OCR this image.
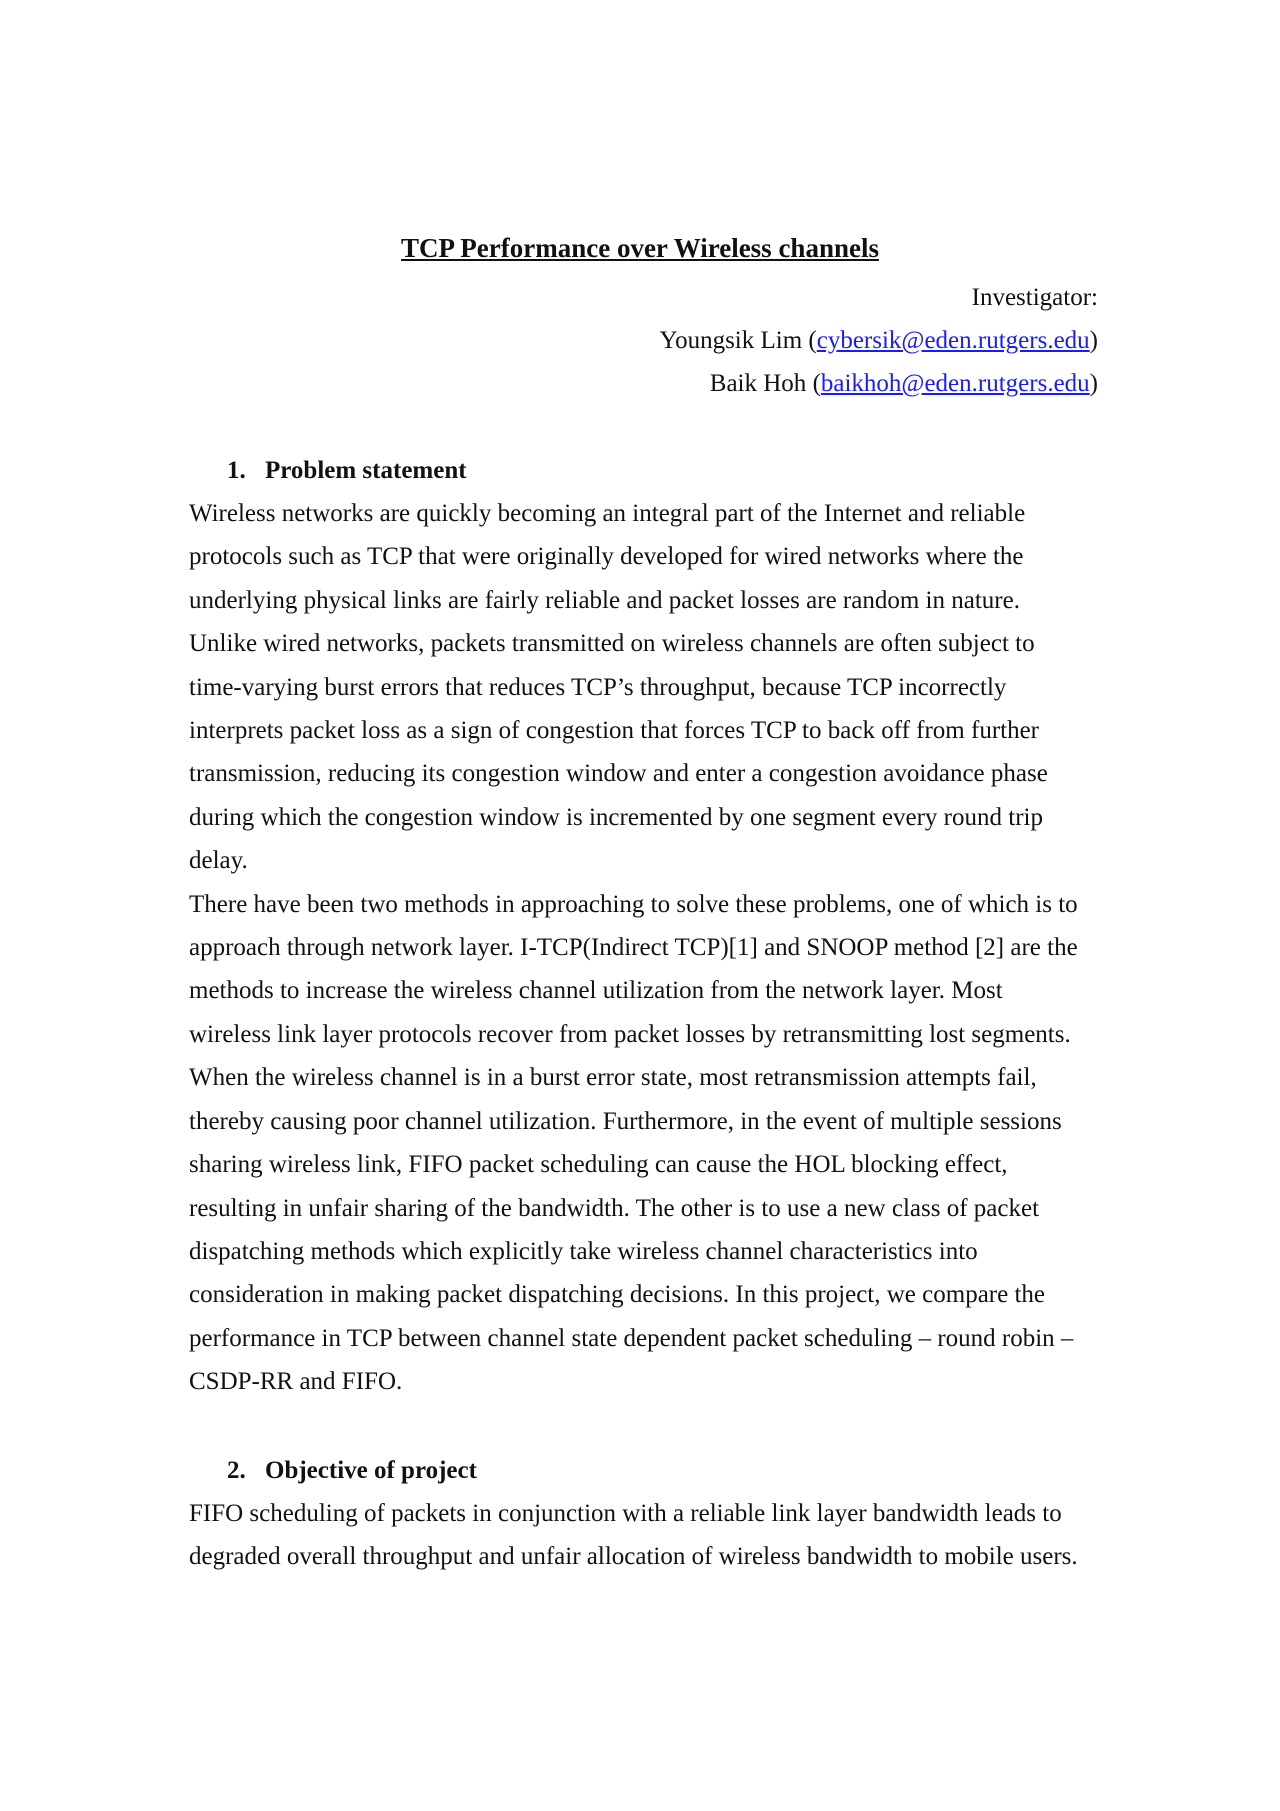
TCP Performance over Wireless channels
Investigator:
Youngsik Lim (cybersik@eden.rutgers.edu)
Baik Hoh (baikhoh@eden.rutgers.edu)
1. Problem statement
Wireless networks are quickly becoming an integral part of the Internet and reliable
protocols such as TCP that were originally developed for wired networks where the
underlying physical links are fairly reliable and packet losses are random in nature.
Unlike wired networks, packets transmitted on wireless channels are often subject to
time-varying burst errors that reduces TCP’s throughput, because TCP incorrectly
interprets packet loss as a sign of congestion that forces TCP to back off from further
transmission, reducing its congestion window and enter a congestion avoidance phase
during which the congestion window is incremented by one segment every round trip
delay.
There have been two methods in approaching to solve these problems, one of which is to
approach through network layer. I-TCP(Indirect TCP)[1] and SNOOP method [2] are the
methods to increase the wireless channel utilization from the network layer. Most
wireless link layer protocols recover from packet losses by retransmitting lost segments.
When the wireless channel is in a burst error state, most retransmission attempts fail,
thereby causing poor channel utilization. Furthermore, in the event of multiple sessions
sharing wireless link, FIFO packet scheduling can cause the HOL blocking effect,
resulting in unfair sharing of the bandwidth. The other is to use a new class of packet
dispatching methods which explicitly take wireless channel characteristics into
consideration in making packet dispatching decisions. In this project, we compare the
performance in TCP between channel state dependent packet scheduling – round robin –
CSDP-RR and FIFO.
2. Objective of project
FIFO scheduling of packets in conjunction with a reliable link layer bandwidth leads to
degraded overall throughput and unfair allocation of wireless bandwidth to mobile users.
